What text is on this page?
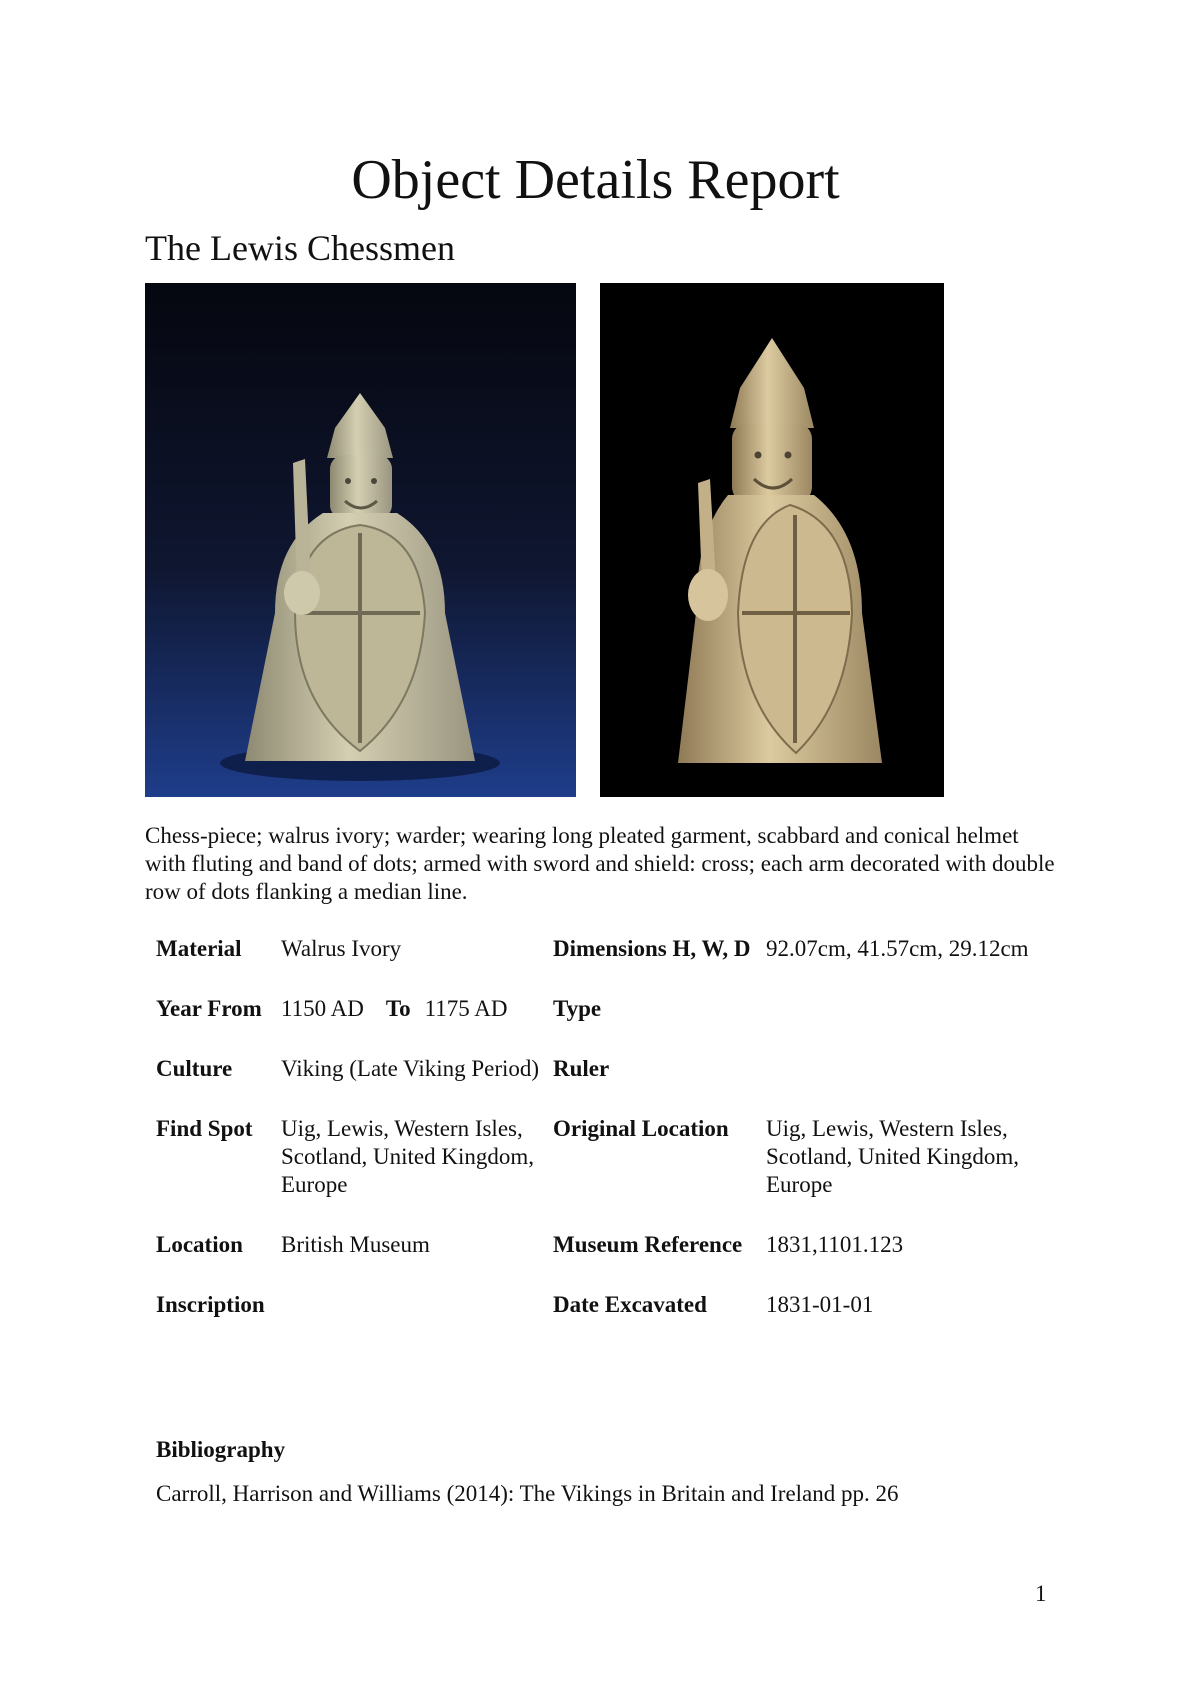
Object Details Report
The Lewis Chessmen

Chess-piece; walrus ivory; warder; wearing long pleated garment, scabbard and conical helmet with fluting and band of dots; armed with sword and shield: cross; each arm decorated with double row of dots flanking a median line.

Material	Walrus Ivory	Dimensions H, W, D	92.07cm, 41.57cm, 29.12cm
Year From	1150 AD To 1175 AD	Type	
Culture	Viking (Late Viking Period)	Ruler	
Find Spot	Uig, Lewis, Western Isles, Scotland, United Kingdom, Europe	Original Location	Uig, Lewis, Western Isles, Scotland, United Kingdom, Europe
Location	British Museum	Museum Reference	1831,1101.123
Inscription		Date Excavated	1831-01-01

Bibliography

Carroll, Harrison and Williams (2014): The Vikings in Britain and Ireland pp. 26

1
